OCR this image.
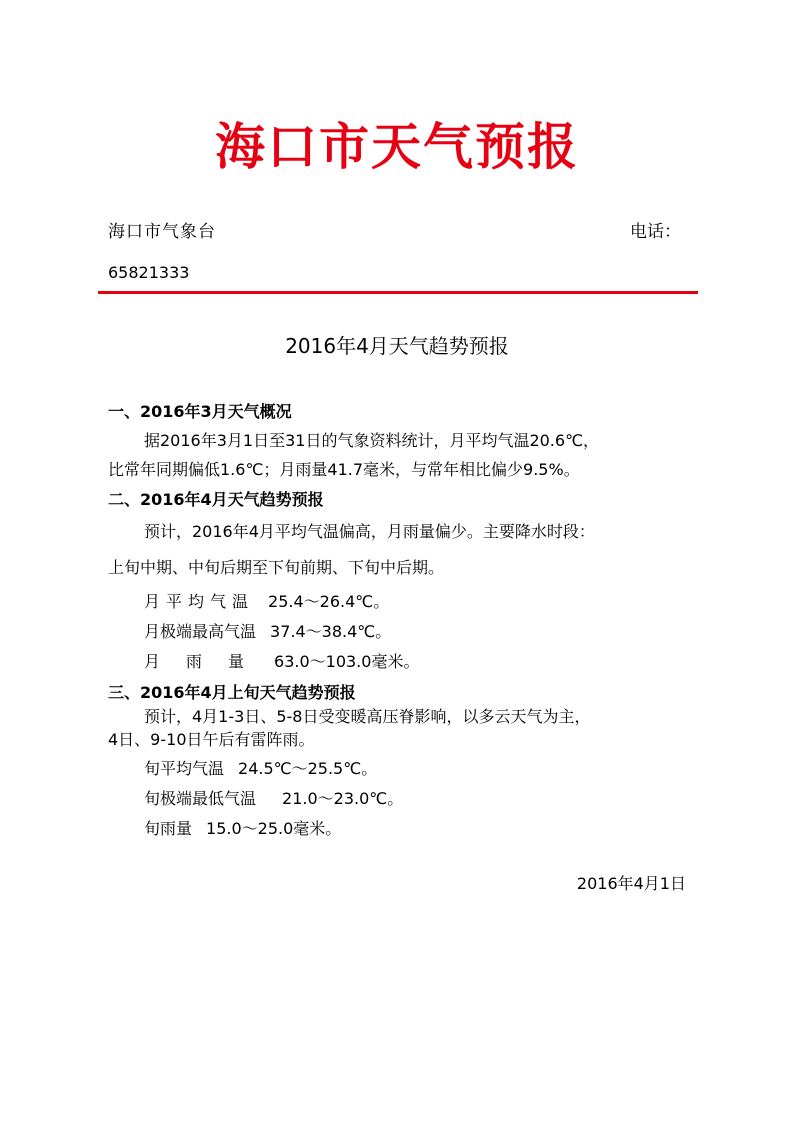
海口市天气预报
海口市气象台	电话：
65821333
2016年4月天气趋势预报
一、2016年3月天气概况
据2016年3月1日至31日的气象资料统计，月平均气温20.6℃，
比常年同期偏低1.6℃；月雨量41.7毫米，与常年相比偏少9.5%。
二、2016年4月天气趋势预报
预计，2016年4月平均气温偏高，月雨量偏少。主要降水时段：
上旬中期、中旬后期至下旬前期、下旬中后期。
月平均气温 25.4～26.4℃。
月极端最高气温 37.4～38.4℃。
月雨量 63.0～103.0毫米。
三、2016年4月上旬天气趋势预报
预计，4月1-3日、5-8日受变暖高压脊影响，以多云天气为主，
4日、9-10日午后有雷阵雨。
旬平均气温 24.5℃～25.5℃。
旬极端最低气温 21.0～23.0℃。
旬雨量 15.0～25.0毫米。
2016年4月1日
